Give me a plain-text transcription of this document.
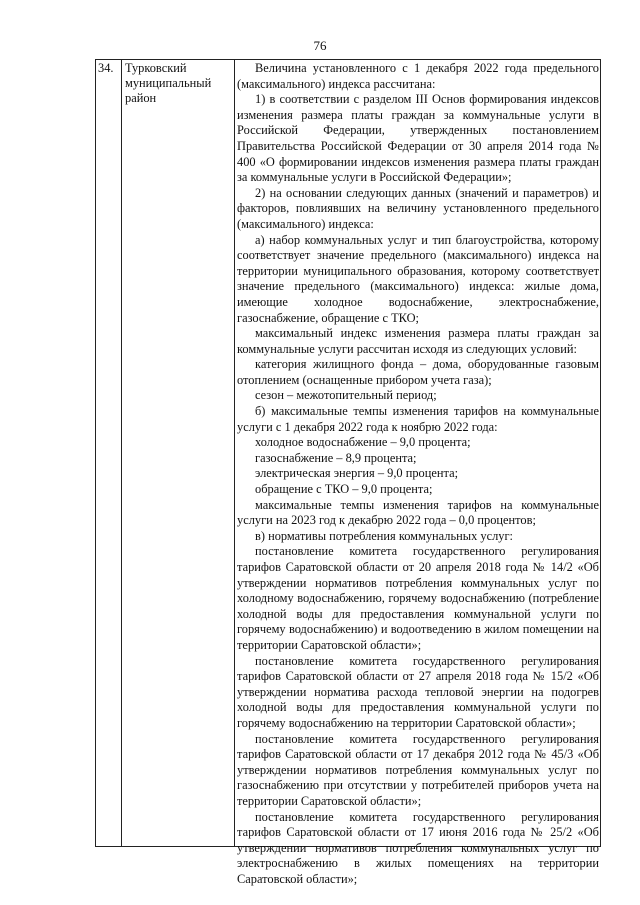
76
34. Турковский муниципальный район

Величина установленного с 1 декабря 2022 года предельного (максимального) индекса рассчитана:

1) в соответствии с разделом III Основ формирования индексов изменения размера платы граждан за коммунальные услуги в Российской Федерации, утвержденных постановлением Правительства Российской Федерации от 30 апреля 2014 года № 400 «О формировании индексов изменения размера платы граждан за коммунальные услуги в Российской Федерации»;

2) на основании следующих данных (значений и параметров) и факторов, повлиявших на величину установленного предельного (максимального) индекса:

а) набор коммунальных услуг и тип благоустройства, которому соответствует значение предельного (максимального) индекса на территории муниципального образования, которому соответствует значение предельного (максимального) индекса: жилые дома, имеющие холодное водоснабжение, электроснабжение, газоснабжение, обращение с ТКО;

максимальный индекс изменения размера платы граждан за коммунальные услуги рассчитан исходя из следующих условий:

категория жилищного фонда – дома, оборудованные газовым отоплением (оснащенные прибором учета газа);

сезон – межотопительный период;

б) максимальные темпы изменения тарифов на коммунальные услуги с 1 декабря 2022 года к ноябрю 2022 года:

холодное водоснабжение – 9,0 процента;

газоснабжение – 8,9 процента;

электрическая энергия – 9,0 процента;

обращение с ТКО – 9,0 процента;

максимальные темпы изменения тарифов на коммунальные услуги на 2023 год к декабрю 2022 года – 0,0 процентов;

в) нормативы потребления коммунальных услуг:

постановление комитета государственного регулирования тарифов Саратовской области от 20 апреля 2018 года № 14/2 «Об утверждении нормативов потребления коммунальных услуг по холодному водоснабжению, горячему водоснабжению (потребление холодной воды для предоставления коммунальной услуги по горячему водоснабжению) и водоотведению в жилом помещении на территории Саратовской области»;

постановление комитета государственного регулирования тарифов Саратовской области от 27 апреля 2018 года № 15/2 «Об утверждении норматива расхода тепловой энергии на подогрев холодной воды для предоставления коммунальной услуги по горячему водоснабжению на территории Саратовской области»;

постановление комитета государственного регулирования тарифов Саратовской области от 17 декабря 2012 года № 45/3 «Об утверждении нормативов потребления коммунальных услуг по газоснабжению при отсутствии у потребителей приборов учета на территории Саратовской области»;

постановление комитета государственного регулирования тарифов Саратовской области от 17 июня 2016 года № 25/2 «Об утверждении нормативов потребления коммунальных услуг по электроснабжению в жилых помещениях на территории Саратовской области»;
